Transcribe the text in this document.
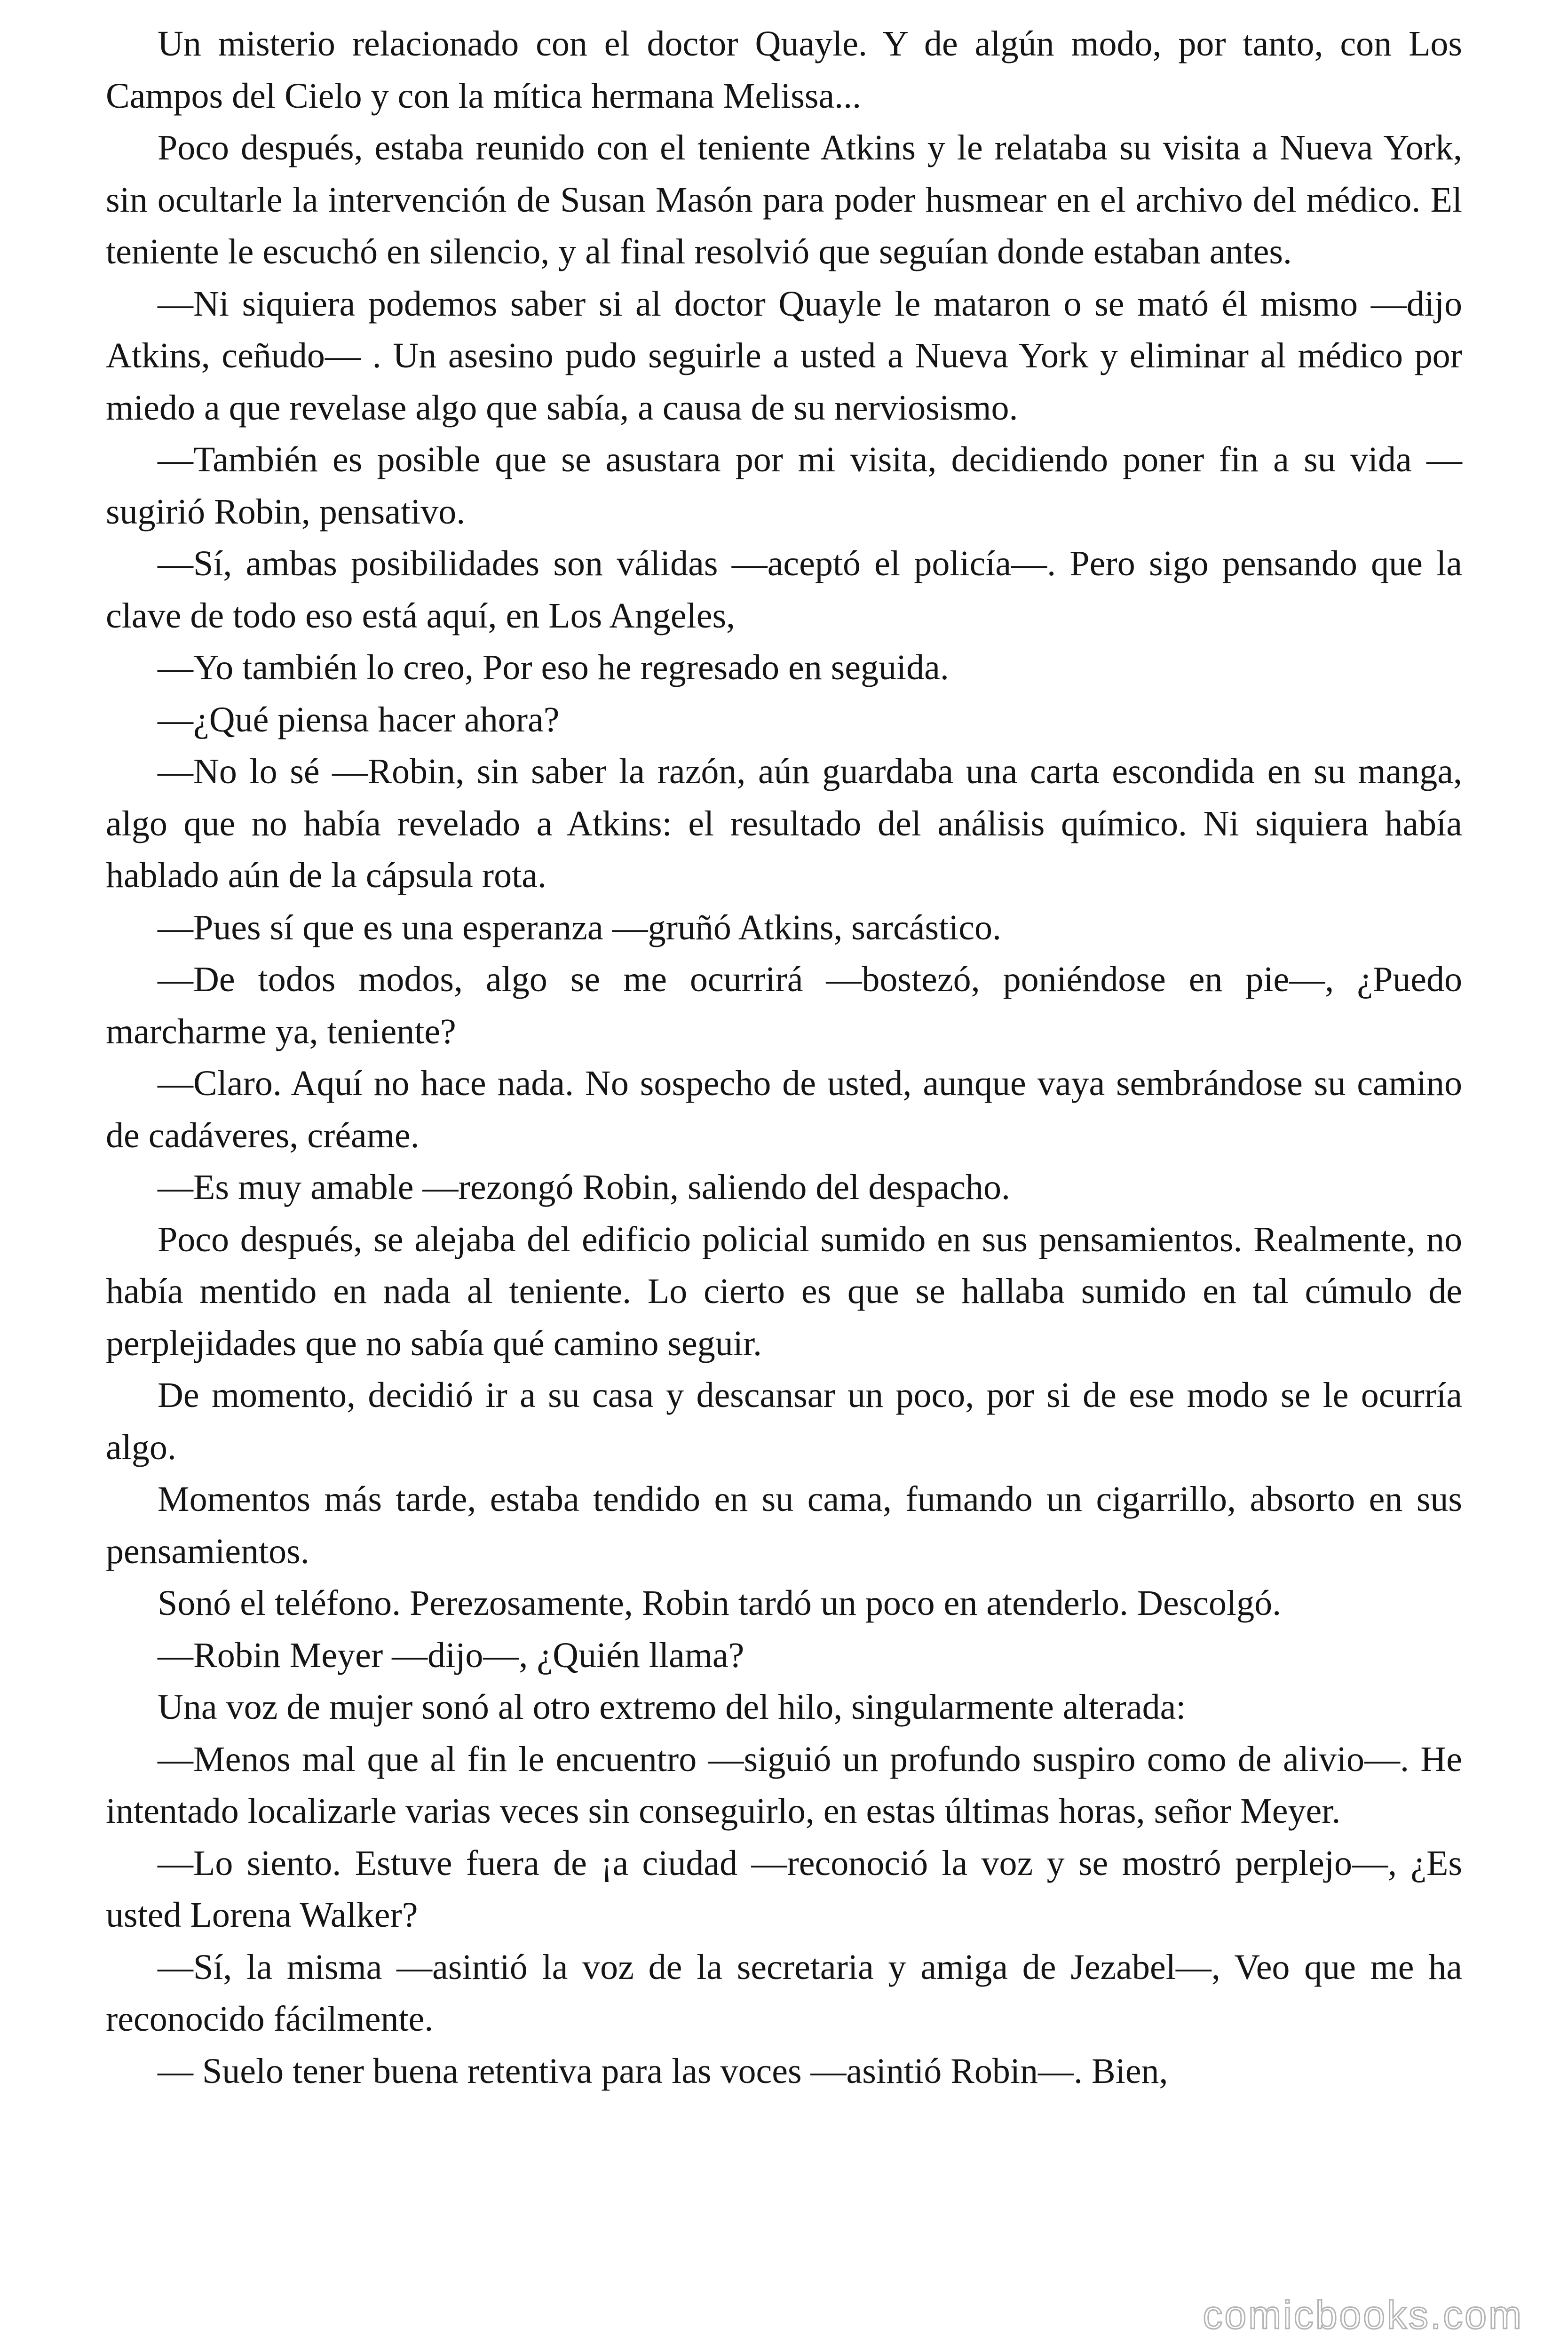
Un misterio relacionado con el doctor Quayle. Y de algún modo, por tanto, con Los Campos del Cielo y con la mítica hermana Melissa...

Poco después, estaba reunido con el teniente Atkins y le relataba su visita a Nueva York, sin ocultarle la intervención de Susan Masón para poder husmear en el archivo del médico. El teniente le escuchó en silencio, y al final resolvió que seguían donde estaban antes.

—Ni siquiera podemos saber si al doctor Quayle le mataron o se mató él mismo —dijo Atkins, ceñudo— . Un asesino pudo seguirle a usted a Nueva York y eliminar al médico por miedo a que revelase algo que sabía, a causa de su nerviosismo.

—También es posible que se asustara por mi visita, decidiendo poner fin a su vida —sugirió Robin, pensativo.

—Sí, ambas posibilidades son válidas —aceptó el policía—. Pero sigo pensando que la clave de todo eso está aquí, en Los Angeles,

—Yo también lo creo, Por eso he regresado en seguida.

—¿Qué piensa hacer ahora?

—No lo sé —Robin, sin saber la razón, aún guardaba una carta escondida en su manga, algo que no había revelado a Atkins: el resultado del análisis químico. Ni siquiera había hablado aún de la cápsula rota.

—Pues sí que es una esperanza —gruñó Atkins, sarcástico.

—De todos modos, algo se me ocurrirá —bostezó, poniéndose en pie—, ¿Puedo marcharme ya, teniente?

—Claro. Aquí no hace nada. No sospecho de usted, aunque vaya sembrándose su camino de cadáveres, créame.

—Es muy amable —rezongó Robin, saliendo del despacho.

Poco después, se alejaba del edificio policial sumido en sus pensamientos. Realmente, no había mentido en nada al teniente. Lo cierto es que se hallaba sumido en tal cúmulo de perplejidades que no sabía qué camino seguir.

De momento, decidió ir a su casa y descansar un poco, por si de ese modo se le ocurría algo.

Momentos más tarde, estaba tendido en su cama, fumando un cigarrillo, absorto en sus pensamientos.

Sonó el teléfono. Perezosamente, Robin tardó un poco en atenderlo. Descolgó.

—Robin Meyer —dijo—, ¿Quién llama?

Una voz de mujer sonó al otro extremo del hilo, singularmente alterada:

—Menos mal que al fin le encuentro —siguió un profundo suspiro como de alivio—. He intentado localizarle varias veces sin conseguirlo, en estas últimas horas, señor Meyer.

—Lo siento. Estuve fuera de ¡a ciudad —reconoció la voz y se mostró perplejo—, ¿Es usted Lorena Walker?

—Sí, la misma —asintió la voz de la secretaria y amiga de Jezabel—, Veo que me ha reconocido fácilmente.

— Suelo tener buena retentiva para las voces —asintió Robin—. Bien,

comicbooks.com
